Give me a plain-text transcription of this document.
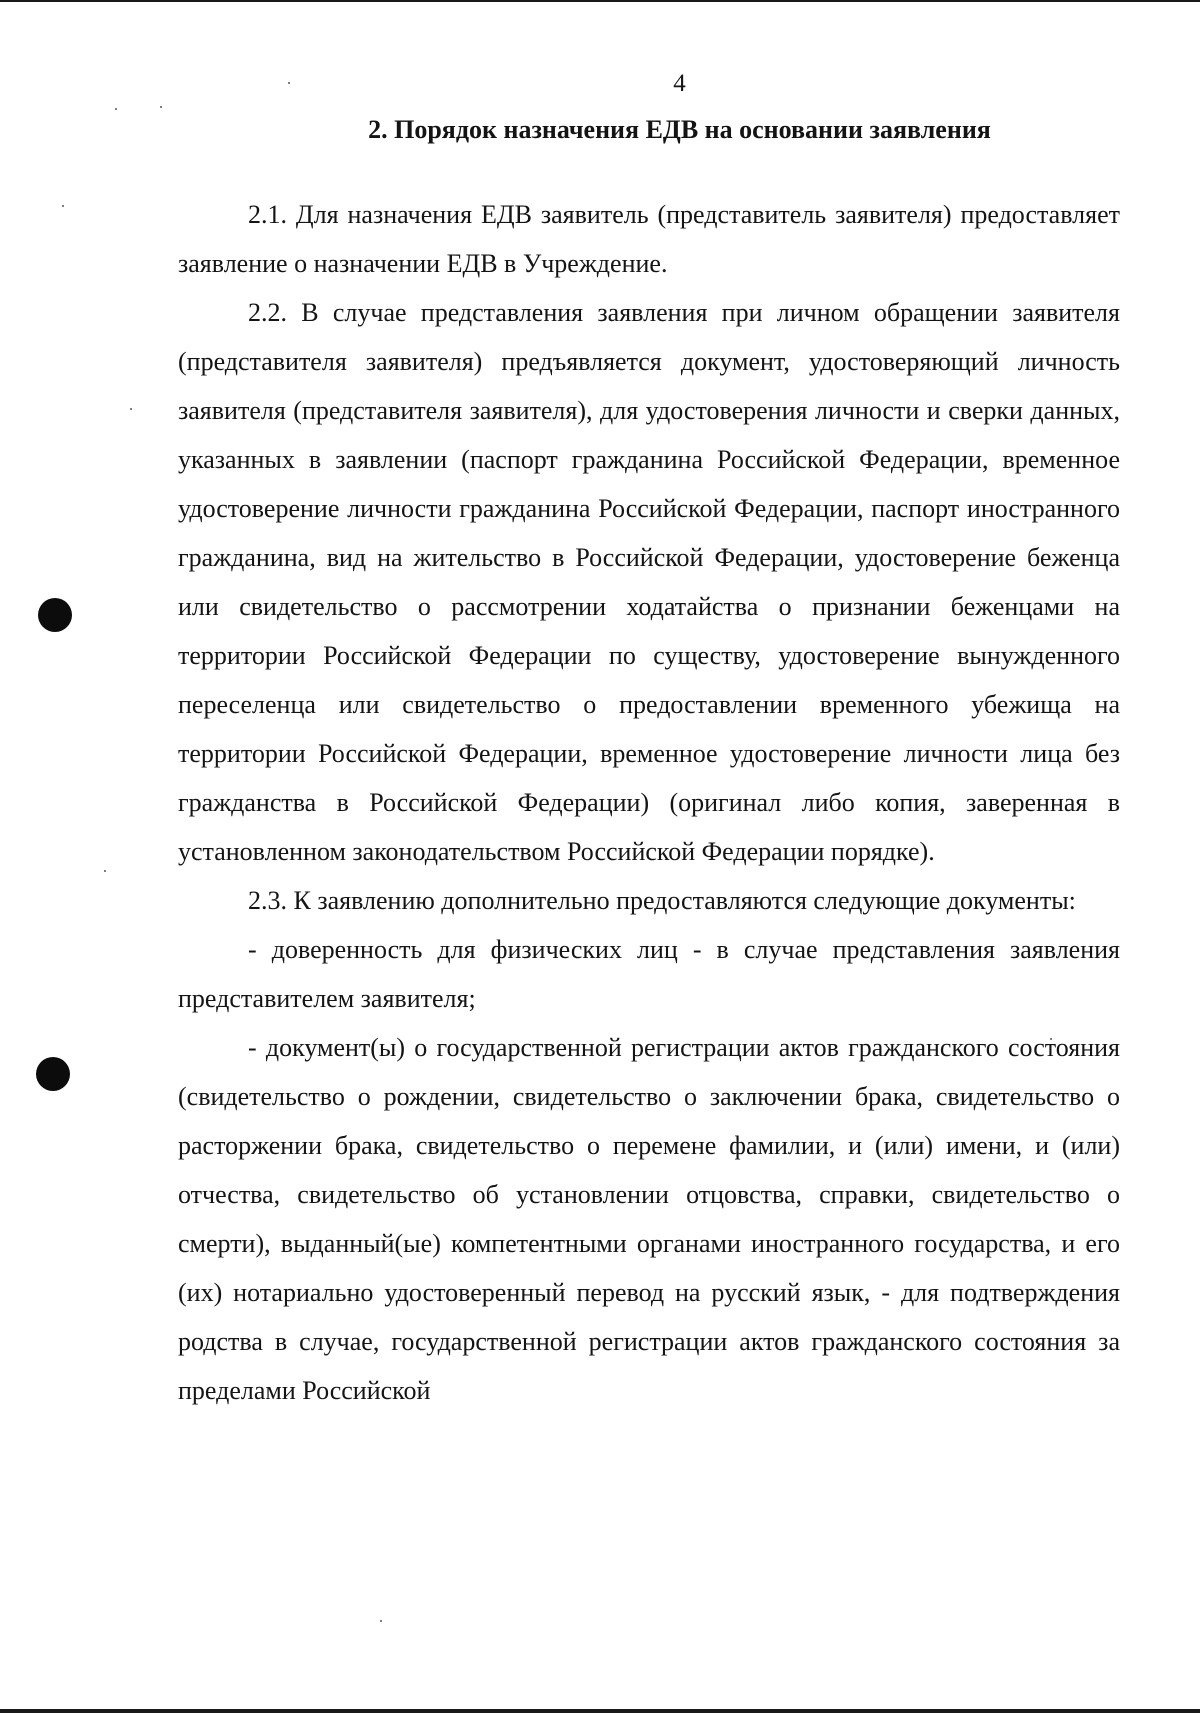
4
2. Порядок назначения ЕДВ на основании заявления

2.1. Для назначения ЕДВ заявитель (представитель заявителя) предоставляет заявление о назначении ЕДВ в Учреждение.

2.2. В случае представления заявления при личном обращении заявителя (представителя заявителя) предъявляется документ, удостоверяющий личность заявителя (представителя заявителя), для удостоверения личности и сверки данных, указанных в заявлении (паспорт гражданина Российской Федерации, временное удостоверение личности гражданина Российской Федерации, паспорт иностранного гражданина, вид на жительство в Российской Федерации, удостоверение беженца или свидетельство о рассмотрении ходатайства о признании беженцами на территории Российской Федерации по существу, удостоверение вынужденного переселенца или свидетельство о предоставлении временного убежища на территории Российской Федерации, временное удостоверение личности лица без гражданства в Российской Федерации) (оригинал либо копия, заверенная в установленном законодательством Российской Федерации порядке).

2.3. К заявлению дополнительно предоставляются следующие документы:

- доверенность для физических лиц - в случае представления заявления представителем заявителя;

- документ(ы) о государственной регистрации актов гражданского состояния (свидетельство о рождении, свидетельство о заключении брака, свидетельство о расторжении брака, свидетельство о перемене фамилии, и (или) имени, и (или) отчества, свидетельство об установлении отцовства, справки, свидетельство о смерти), выданный(ые) компетентными органами иностранного государства, и его (их) нотариально удостоверенный перевод на русский язык, - для подтверждения родства в случае, государственной регистрации актов гражданского состояния за пределами Российской
